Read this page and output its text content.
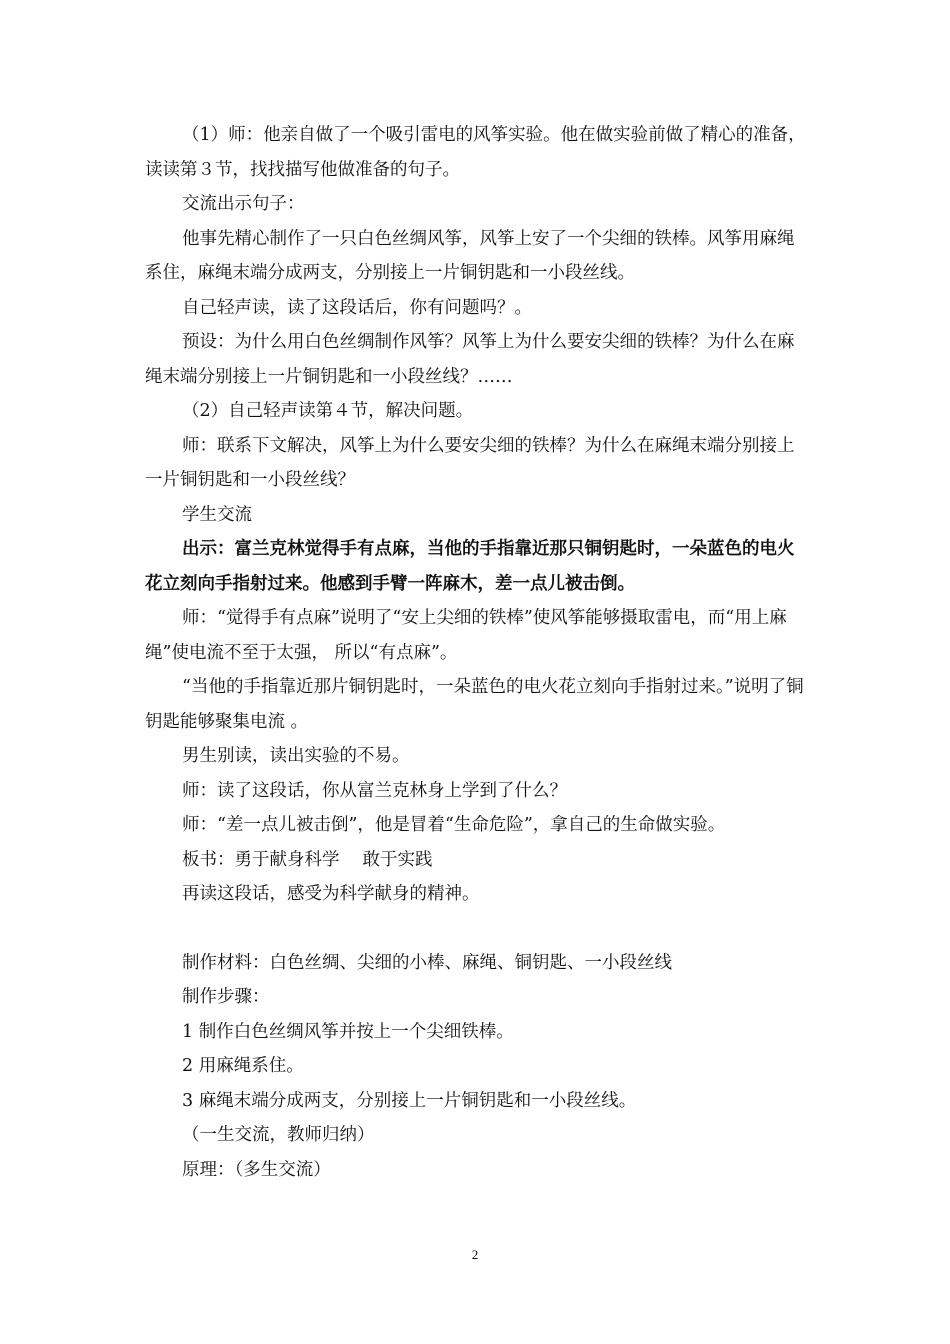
（1）师：他亲自做了一个吸引雷电的风筝实验。他在做实验前做了精心的准备，读读第３节，找找描写他做准备的句子。

交流出示句子：

他事先精心制作了一只白色丝绸风筝，风筝上安了一个尖细的铁棒。风筝用麻绳系住，麻绳末端分成两支，分别接上一片铜钥匙和一小段丝线。

自己轻声读，读了这段话后，你有问题吗？。

预设：为什么用白色丝绸制作风筝？风筝上为什么要安尖细的铁棒？为什么在麻绳末端分别接上一片铜钥匙和一小段丝线？……

（2）自己轻声读第４节，解决问题。

师：联系下文解决，风筝上为什么要安尖细的铁棒？为什么在麻绳末端分别接上一片铜钥匙和一小段丝线？

学生交流

出示：富兰克林觉得手有点麻，当他的手指靠近那只铜钥匙时，一朵蓝色的电火花立刻向手指射过来。他感到手臂一阵麻木，差一点儿被击倒。

师：“觉得手有点麻”说明了“安上尖细的铁棒”使风筝能够摄取雷电，而“用上麻绳”使电流不至于太强， 所以“有点麻”。

“当他的手指靠近那片铜钥匙时，一朵蓝色的电火花立刻向手指射过来。”说明了铜钥匙能够聚集电流 。

男生别读，读出实验的不易。

师：读了这段话，你从富兰克林身上学到了什么？

师：“差一点儿被击倒”，他是冒着“生命危险”，拿自己的生命做实验。

板书：勇于献身科学　 敢于实践

再读这段话，感受为科学献身的精神。

制作材料：白色丝绸、尖细的小棒、麻绳、铜钥匙、一小段丝线

制作步骤：

1 制作白色丝绸风筝并按上一个尖细铁棒。

2 用麻绳系住。

3 麻绳末端分成两支，分别接上一片铜钥匙和一小段丝线。

（一生交流，教师归纳）

原理：（多生交流）

2
